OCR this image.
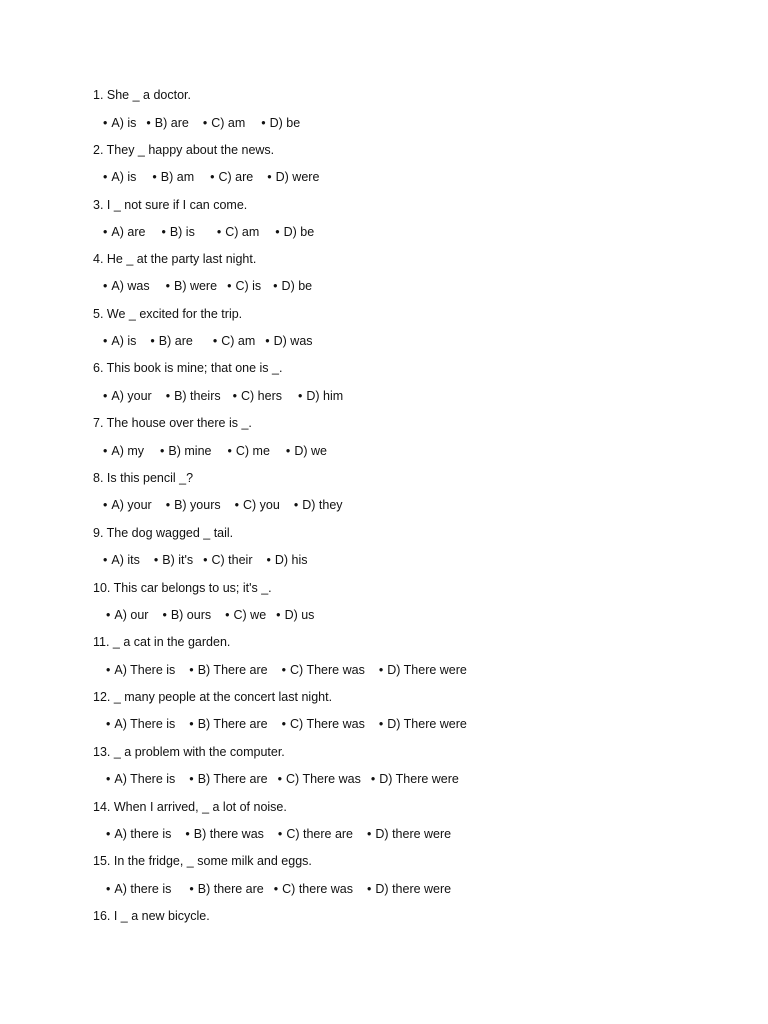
1. She _ a doctor.
• A) is • B) are • C) am • D) be
2. They _ happy about the news.
• A) is • B) am • C) are • D) were
3. I _ not sure if I can come.
• A) are • B) is • C) am • D) be
4. He _ at the party last night.
• A) was • B) were • C) is • D) be
5. We _ excited for the trip.
• A) is • B) are • C) am • D) was
6. This book is mine; that one is _.
• A) your • B) theirs • C) hers • D) him
7. The house over there is _.
• A) my • B) mine • C) me • D) we
8. Is this pencil _?
• A) your • B) yours • C) you • D) they
9. The dog wagged _ tail.
• A) its • B) it's • C) their • D) his
10. This car belongs to us; it's _.
• A) our • B) ours • C) we • D) us
11. _ a cat in the garden.
• A) There is • B) There are • C) There was • D) There were
12. _ many people at the concert last night.
• A) There is • B) There are • C) There was • D) There were
13. _ a problem with the computer.
• A) There is • B) There are • C) There was • D) There were
14. When I arrived, _ a lot of noise.
• A) there is • B) there was • C) there are • D) there were
15. In the fridge, _ some milk and eggs.
• A) there is • B) there are • C) there was • D) there were
16. I _ a new bicycle.
